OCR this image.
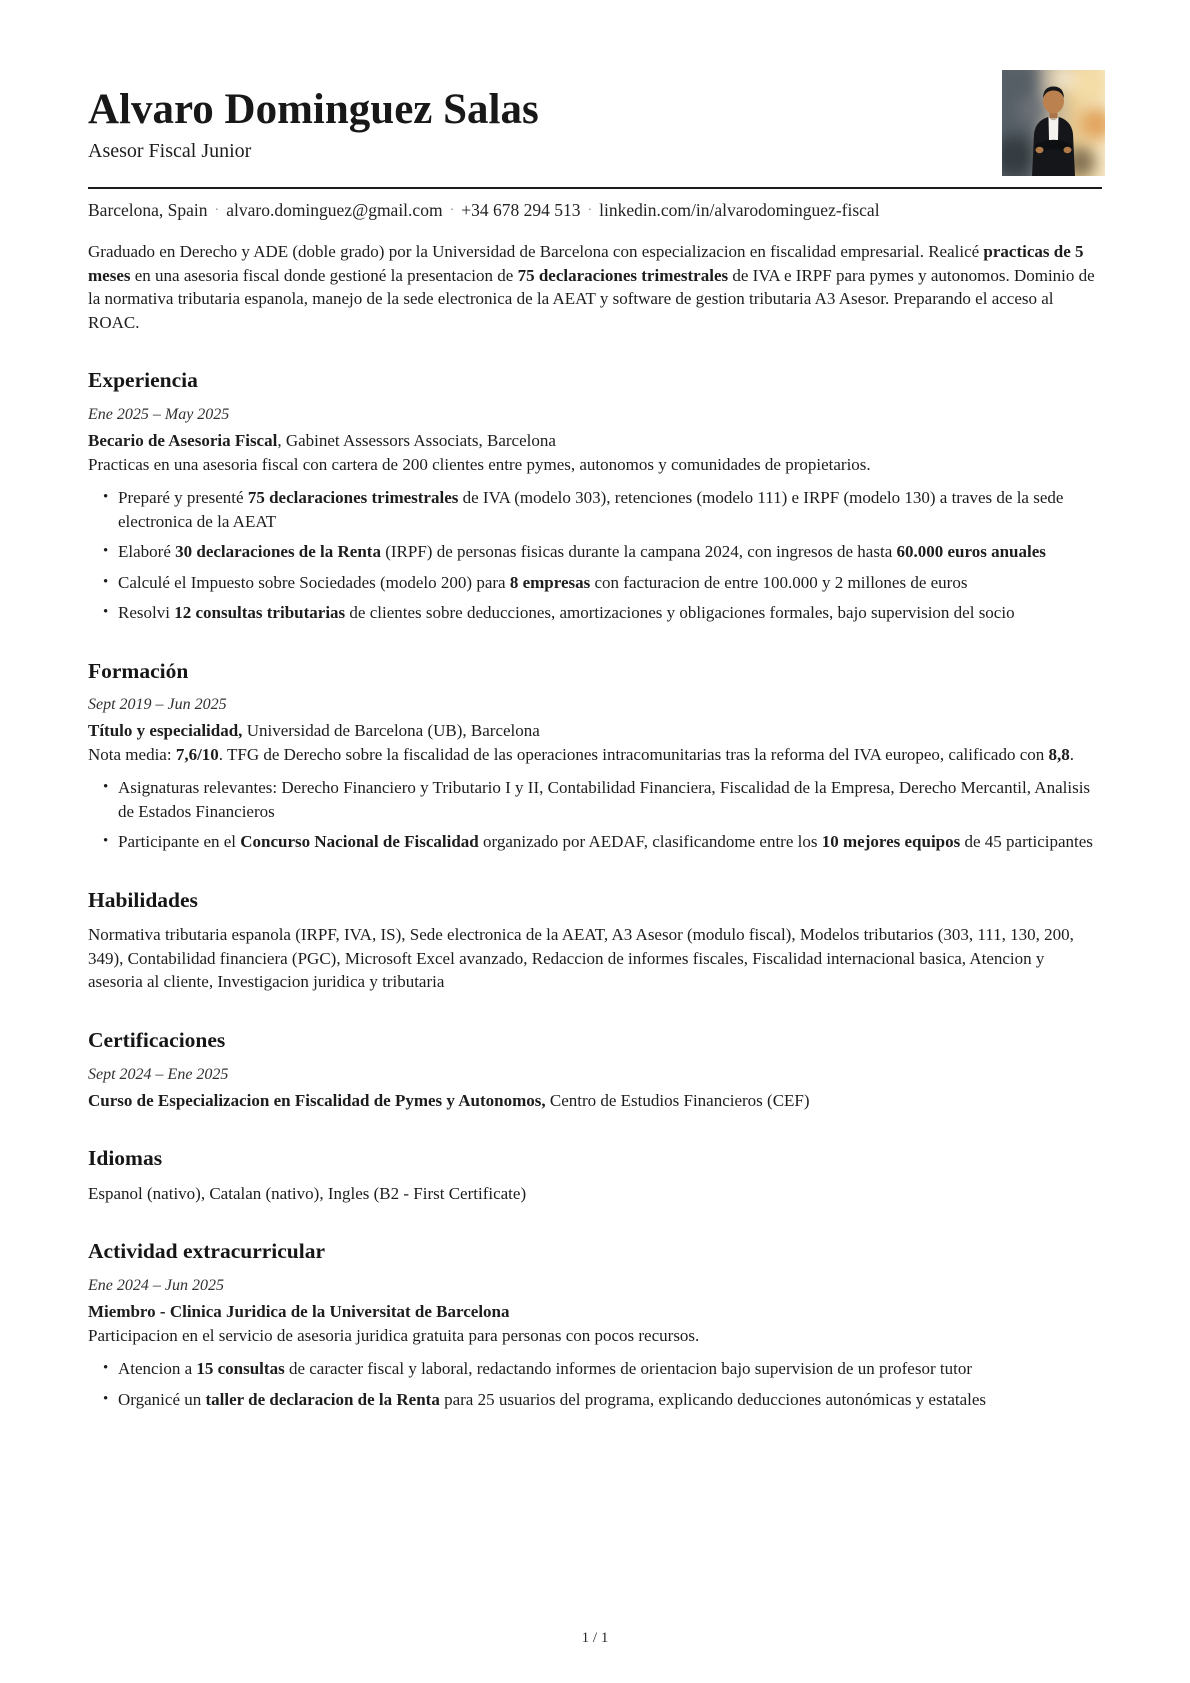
Alvaro Dominguez Salas
Asesor Fiscal Junior
Barcelona, Spain · alvaro.dominguez@gmail.com · +34 678 294 513 · linkedin.com/in/alvarodominguez-fiscal

Graduado en Derecho y ADE (doble grado) por la Universidad de Barcelona con especializacion en fiscalidad empresarial. Realicé practicas de 5 meses en una asesoria fiscal donde gestioné la presentacion de 75 declaraciones trimestrales de IVA e IRPF para pymes y autonomos. Dominio de la normativa tributaria espanola, manejo de la sede electronica de la AEAT y software de gestion tributaria A3 Asesor. Preparando el acceso al ROAC.

Experiencia
Ene 2025 – May 2025
Becario de Asesoria Fiscal, Gabinet Assessors Associats, Barcelona

Practicas en una asesoria fiscal con cartera de 200 clientes entre pymes, autonomos y comunidades de propietarios.

• Preparé y presenté 75 declaraciones trimestrales de IVA (modelo 303), retenciones (modelo 111) e IRPF (modelo 130) a traves de la sede electronica de la AEAT
• Elaboré 30 declaraciones de la Renta (IRPF) de personas fisicas durante la campana 2024, con ingresos de hasta 60.000 euros anuales
• Calculé el Impuesto sobre Sociedades (modelo 200) para 8 empresas con facturacion de entre 100.000 y 2 millones de euros
• Resolvi 12 consultas tributarias de clientes sobre deducciones, amortizaciones y obligaciones formales, bajo supervision del socio
Formación
Sept 2019 – Jun 2025
Título y especialidad, Universidad de Barcelona (UB), Barcelona

Nota media: 7,6/10. TFG de Derecho sobre la fiscalidad de las operaciones intracomunitarias tras la reforma del IVA europeo, calificado con 8,8.

• Asignaturas relevantes: Derecho Financiero y Tributario I y II, Contabilidad Financiera, Fiscalidad de la Empresa, Derecho Mercantil, Analisis de Estados Financieros
• Participante en el Concurso Nacional de Fiscalidad organizado por AEDAF, clasificandome entre los 10 mejores equipos de 45 participantes
Habilidades

Normativa tributaria espanola (IRPF, IVA, IS), Sede electronica de la AEAT, A3 Asesor (modulo fiscal), Modelos tributarios (303, 111, 130, 200, 349), Contabilidad financiera (PGC), Microsoft Excel avanzado, Redaccion de informes fiscales, Fiscalidad internacional basica, Atencion y asesoria al cliente, Investigacion juridica y tributaria

Certificaciones
Sept 2024 – Ene 2025
Curso de Especializacion en Fiscalidad de Pymes y Autonomos, Centro de Estudios Financieros (CEF)
Idiomas

Espanol (nativo), Catalan (nativo), Ingles (B2 - First Certificate)

Actividad extracurricular
Ene 2024 – Jun 2025
Miembro - Clinica Juridica de la Universitat de Barcelona

Participacion en el servicio de asesoria juridica gratuita para personas con pocos recursos.

• Atencion a 15 consultas de caracter fiscal y laboral, redactando informes de orientacion bajo supervision de un profesor tutor
• Organicé un taller de declaracion de la Renta para 25 usuarios del programa, explicando deducciones autonómicas y estatales
1 / 1
